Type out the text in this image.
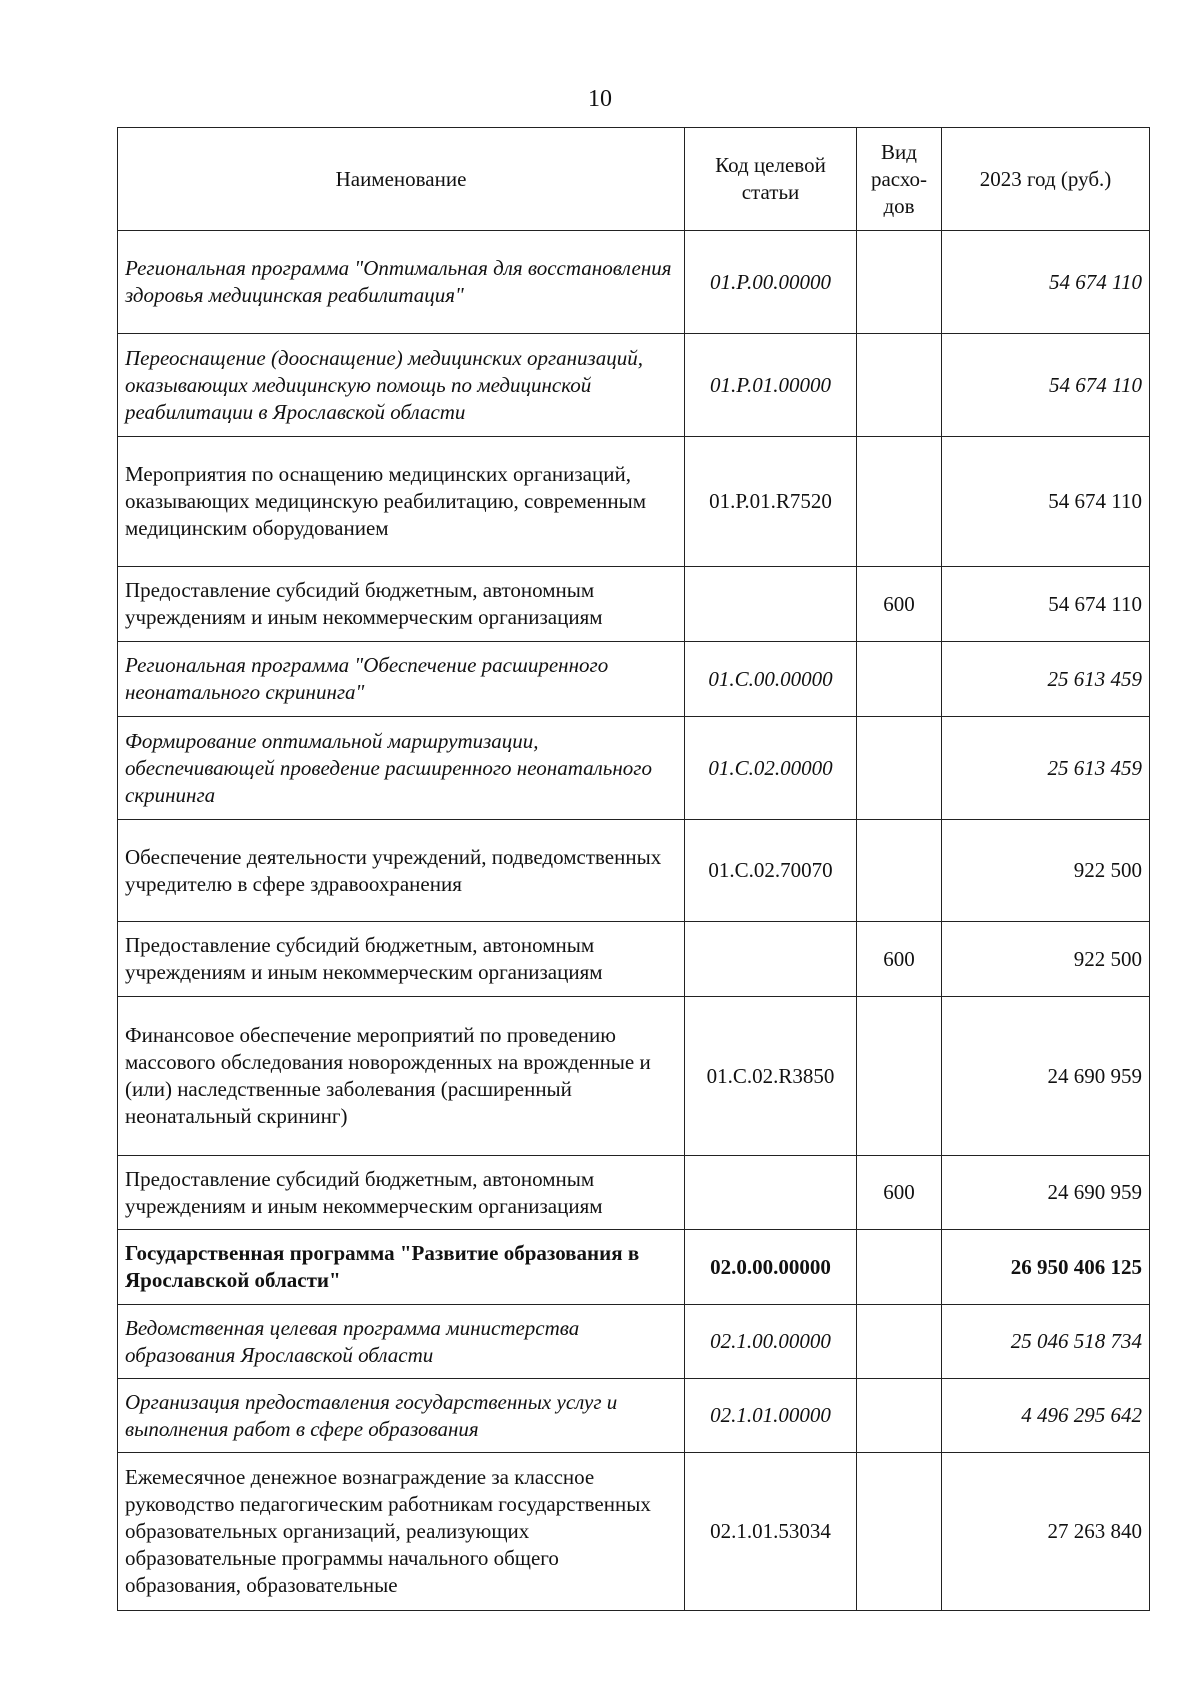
10
Наименование	Код целевой статьи	Вид расхо-дов	2023 год (руб.)
Региональная программа "Оптимальная для восстановления здоровья медицинская реабилитация"	01.Р.00.00000		54 674 110
Переоснащение (дооснащение) медицинских организаций, оказывающих медицинскую помощь по медицинской реабилитации в Ярославской области	01.Р.01.00000		54 674 110
Мероприятия по оснащению медицинских организаций, оказывающих медицинскую реабилитацию, современным медицинским оборудованием	01.Р.01.R7520		54 674 110
Предоставление субсидий бюджетным, автономным учреждениям и иным некоммерческим организациям		600	54 674 110
Региональная программа "Обеспечение расширенного неонатального скрининга"	01.С.00.00000		25 613 459
Формирование оптимальной маршрутизации, обеспечивающей проведение расширенного неонатального скрининга	01.С.02.00000		25 613 459
Обеспечение деятельности учреждений, подведомственных учредителю в сфере здравоохранения	01.С.02.70070		922 500
Предоставление субсидий бюджетным, автономным учреждениям и иным некоммерческим организациям		600	922 500
Финансовое обеспечение мероприятий по проведению массового обследования новорожденных на врожденные и (или) наследственные заболевания (расширенный неонатальный скрининг)	01.С.02.R3850		24 690 959
Предоставление субсидий бюджетным, автономным учреждениям и иным некоммерческим организациям		600	24 690 959
Государственная программа "Развитие образования в Ярославской области"	02.0.00.00000		26 950 406 125
Ведомственная целевая программа министерства образования Ярославской области	02.1.00.00000		25 046 518 734
Организация предоставления государственных услуг и выполнения работ в сфере образования	02.1.01.00000		4 496 295 642
Ежемесячное денежное вознаграждение за классное руководство педагогическим работникам государственных образовательных организаций, реализующих образовательные программы начального общего образования, образовательные	02.1.01.53034		27 263 840
